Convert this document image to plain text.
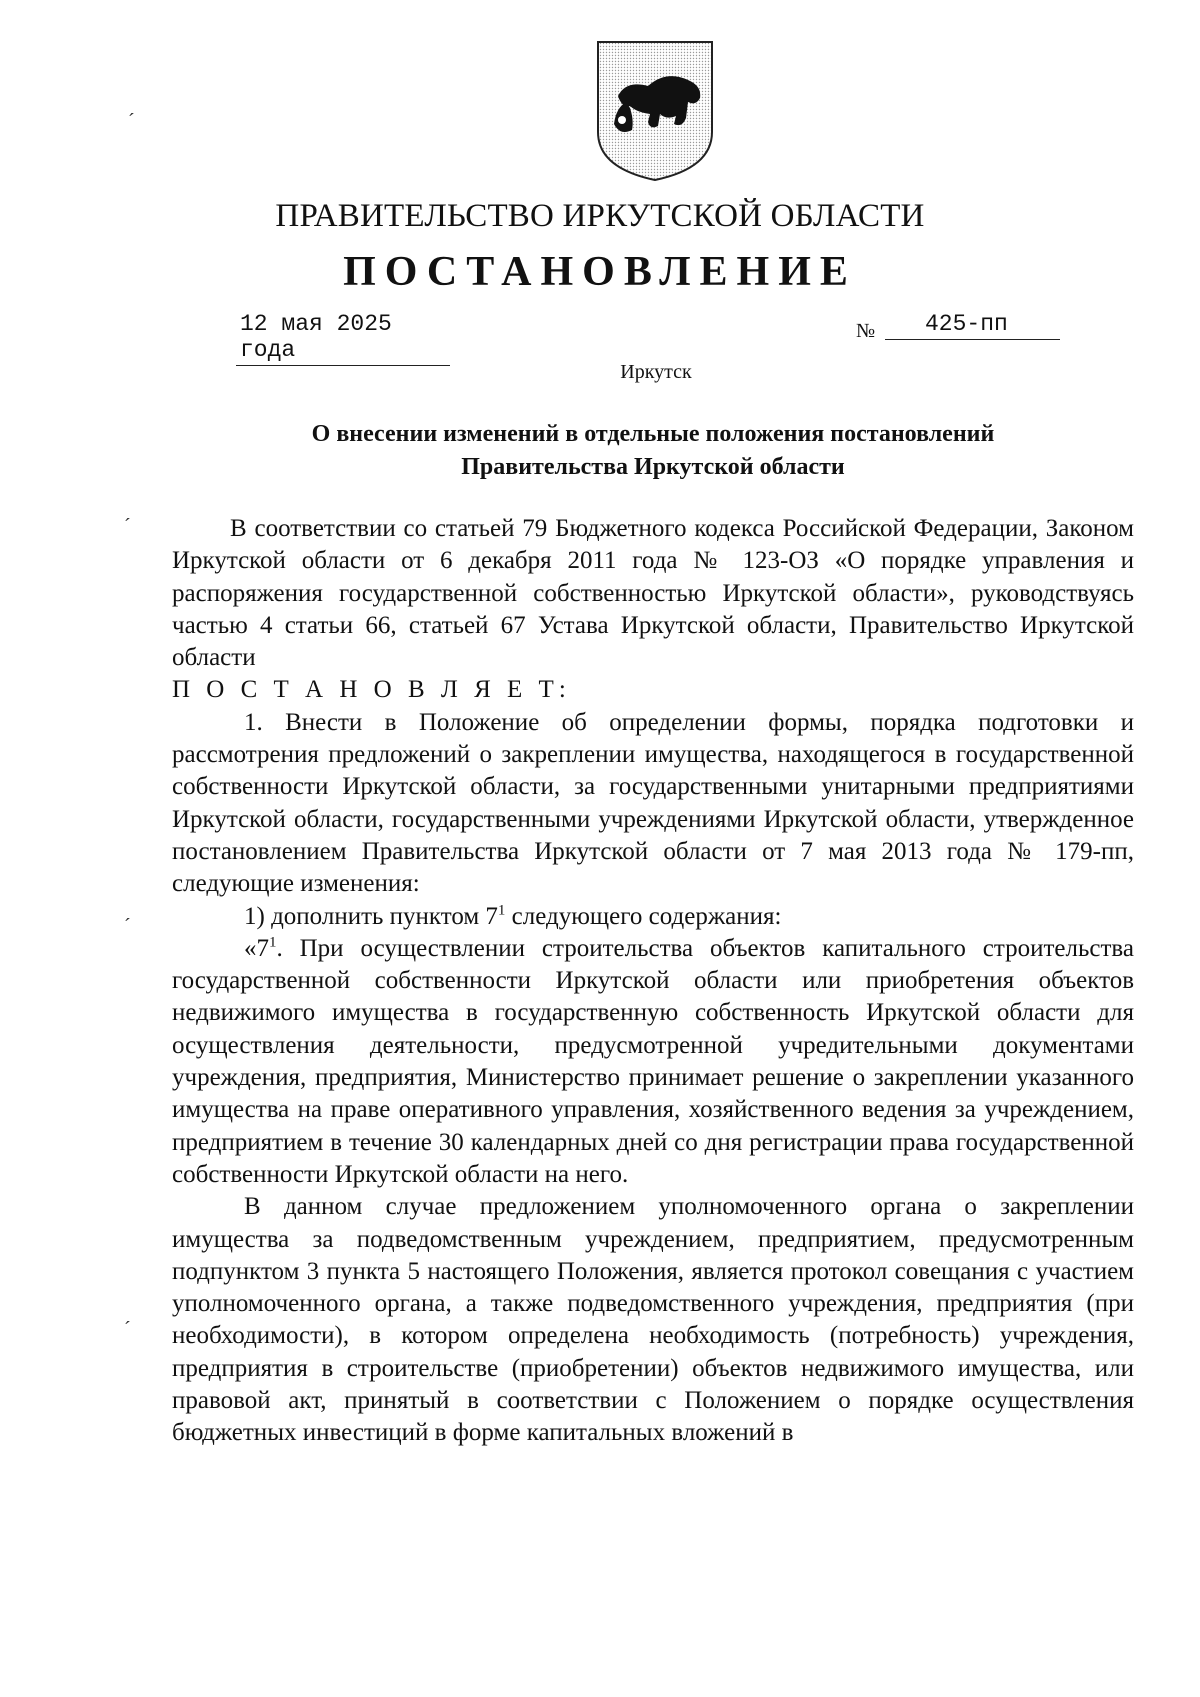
ПРАВИТЕЛЬСТВО ИРКУТСКОЙ ОБЛАСТИ
ПОСТАНОВЛЕНИЕ
12 мая 2025 года
№	425-пп
Иркутск
О внесении изменений в отдельные положения постановлений
Правительства Иркутской области

В соответствии со статьей 79 Бюджетного кодекса Российской Федерации, Законом Иркутской области от 6 декабря 2011 года № 123-ОЗ «О порядке управления и распоряжения государственной собственностью Иркутской области», руководствуясь частью 4 статьи 66, статьей 67 Устава Иркутской области, Правительство Иркутской области

П О С Т А Н О В Л Я Е Т:

1. Внести в Положение об определении формы, порядка подготовки и рассмотрения предложений о закреплении имущества, находящегося в государственной собственности Иркутской области, за государственными унитарными предприятиями Иркутской области, государственными учреждениями Иркутской области, утвержденное постановлением Правительства Иркутской области от 7 мая 2013 года № 179-пп, следующие изменения:

1) дополнить пунктом $7^1$ следующего содержания:

«$7^1$. При осуществлении строительства объектов капитального строительства государственной собственности Иркутской области или приобретения объектов недвижимого имущества в государственную собственность Иркутской области для осуществления деятельности, предусмотренной учредительными документами учреждения, предприятия, Министерство принимает решение о закреплении указанного имущества на праве оперативного управления, хозяйственного ведения за учреждением, предприятием в течение 30 календарных дней со дня регистрации права государственной собственности Иркутской области на него.

В данном случае предложением уполномоченного органа о закреплении имущества за подведомственным учреждением, предприятием, предусмотренным подпунктом 3 пункта 5 настоящего Положения, является протокол совещания с участием уполномоченного органа, а также подведомственного учреждения, предприятия (при необходимости), в котором определена необходимость (потребность) учреждения, предприятия в строительстве (приобретении) объектов недвижимого имущества, или правовой акт, принятый в соответствии с Положением о порядке осуществления бюджетных инвестиций в форме капитальных вложений в

ˊ
ˊ
ˊ
ˊ
